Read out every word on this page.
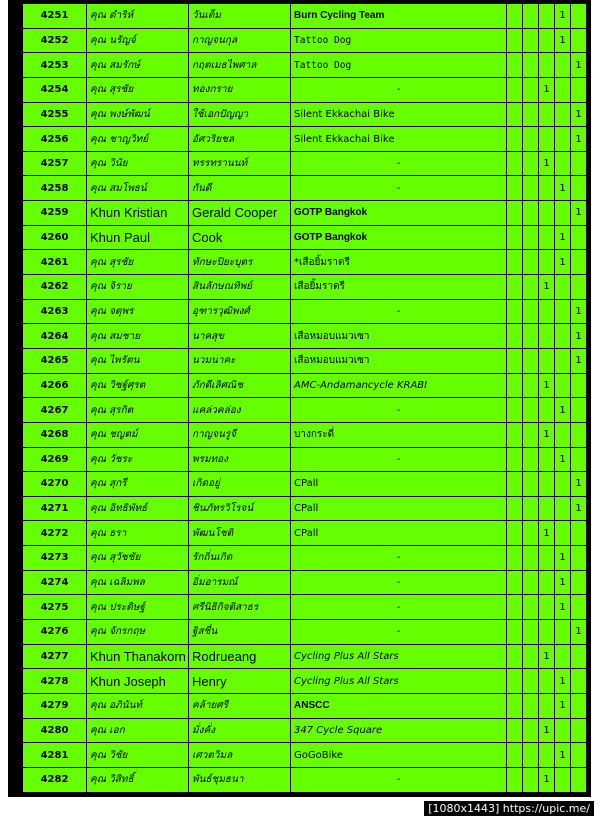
4251	คุณ ดำริห์	วันเต็ม	Burn Cycling Team				1	
4252	คุณ นรัญจ์	กาญจนกุล	Tattoo Dog				1	
4253	คุณ สมรักษ์	กฤตเมธไพศาล	Tattoo Dog					1
4254	คุณ สุรชัย	ทองกราย	-			1		
4255	คุณ พงษ์พัฒน์	ใช้เอกปัญญา	Silent Ekkachai Bike					1
4256	คุณ ชาญวิทย์	อัศวริยชล	Silent Ekkachai Bike					1
4257	คุณ วินัย	ทรรทรานนท์	-			1		
4258	คุณ สมโพธน์	กันดี	-				1	
4259	Khun Kristian	Gerald Cooper	GOTP Bangkok					1
4260	Khun Paul	Cook	GOTP Bangkok				1	
4261	คุณ สุรชัย	ทักษะปิยะบุตร	*เสือยิ้มราตรี				1	
4262	คุณ จิราย	สินลักษณทิพย์	เสือยิ้มราตรี			1		
4263	คุณ จตุพร	อุฑารวุฒิพงศ์	-					1
4264	คุณ สมชาย	นาคสุข	เสือหมอบแมวเซา					1
4265	คุณ ไพรัตน	นวมนาคะ	เสือหมอบแมวเซา					1
4266	คุณ วิชฐ์ศุรต	ภักดีเลิศณิช	AMC-Andamancycle KRABI			1		
4267	คุณ สุรกิต	แคล่วคล่อง	-				1	
4268	คุณ ชญตม์	กาญจนรูจี	บางกระดี่			1		
4269	คุณ วัชระ	พรมทอง	-				1	
4270	คุณ สุกรี	เกิดอยู่	CPall					1
4271	คุณ อิทธิพัทธ์	ชินภัทรวิโรจน์	CPall					1
4272	คุณ ธรา	พัฒนโชติ	CPall			1		
4273	คุณ สุวัชชัย	รักถิ่นเกิด	-				1	
4274	คุณ เฉลิมพล	อิ่มอารมณ์	-				1	
4275	คุณ ประดิษฐ์	ศรีนิธิกิจติสาธร	-				1	
4276	คุณ จักรกฤษ	ฐิสชื่น	-					1
4277	Khun Thanakorn	Rodrueang	Cycling Plus All Stars			1		
4278	Khun Joseph	Henry	Cycling Plus All Stars				1	
4279	คุณ อภินันท์	คล้ายศรี	ANSCC				1	
4280	คุณ เอก	มั่งคั่ง	347 Cycle Square			1		
4281	คุณ วิชัย	เศวตวิมล	GoGoBike				1	
4282	คุณ วิสิทธิ์	พันธ์ชุมธนา	-			1		
[1080x1443] https://upic.me/
